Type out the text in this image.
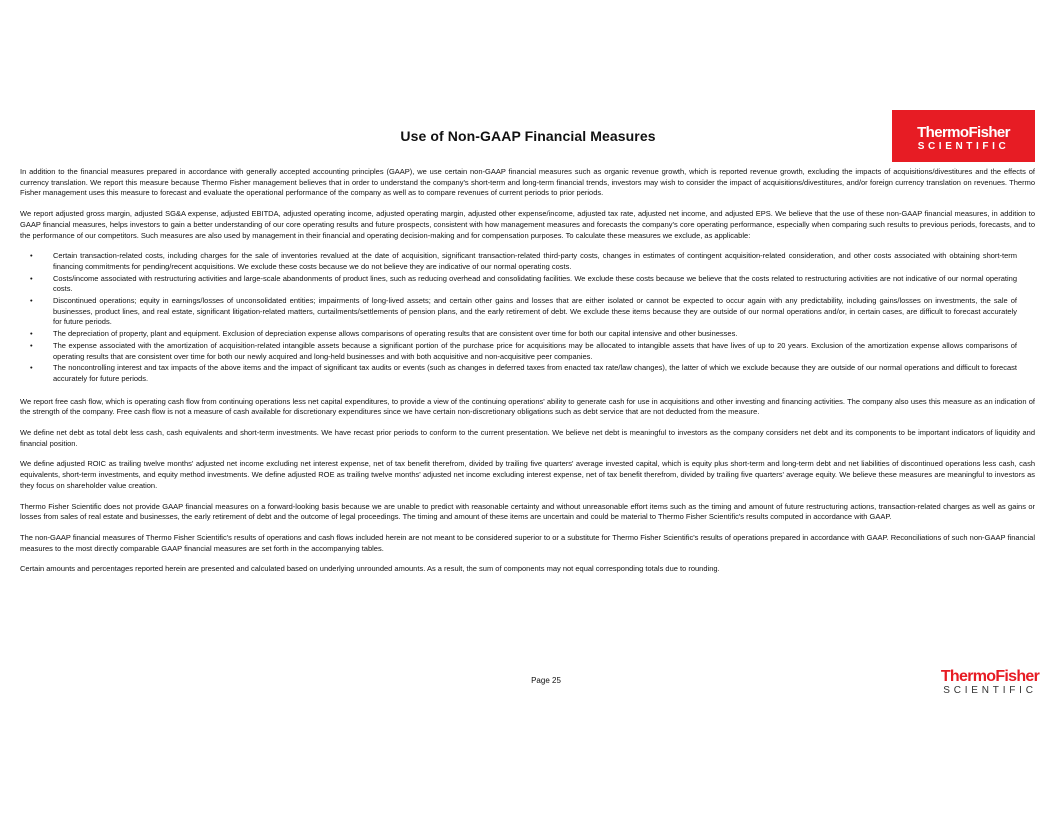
Use of Non-GAAP Financial Measures	ThermoFisher
SCIENTIFIC

In addition to the financial measures prepared in accordance with generally accepted accounting principles (GAAP), we use certain non-GAAP financial measures such as organic revenue growth, which is reported revenue growth, excluding the impacts of acquisitions/divestitures and the effects of currency translation. We report this measure because Thermo Fisher management believes that in order to understand the company's short-term and long-term financial trends, investors may wish to consider the impact of acquisitions/divestitures, and/or foreign currency translation on revenues. Thermo Fisher management uses this measure to forecast and evaluate the operational performance of the company as well as to compare revenues of current periods to prior periods.

We report adjusted gross margin, adjusted SG&A expense, adjusted EBITDA, adjusted operating income, adjusted operating margin, adjusted other expense/income, adjusted tax rate, adjusted net income, and adjusted EPS. We believe that the use of these non-GAAP financial measures, in addition to GAAP financial measures, helps investors to gain a better understanding of our core operating results and future prospects, consistent with how management measures and forecasts the company's core operating performance, especially when comparing such results to previous periods, forecasts, and to the performance of our competitors. Such measures are also used by management in their financial and operating decision-making and for compensation purposes. To calculate these measures we exclude, as applicable:

•	Certain transaction-related costs, including charges for the sale of inventories revalued at the date of acquisition, significant transaction-related third-party costs, changes in estimates of contingent acquisition-related consideration, and other costs associated with obtaining short-term financing commitments for pending/recent acquisitions. We exclude these costs because we do not believe they are indicative of our normal operating costs.
•	Costs/income associated with restructuring activities and large-scale abandonments of product lines, such as reducing overhead and consolidating facilities. We exclude these costs because we believe that the costs related to restructuring activities are not indicative of our normal operating costs.
•	Discontinued operations; equity in earnings/losses of unconsolidated entities; impairments of long-lived assets; and certain other gains and losses that are either isolated or cannot be expected to occur again with any predictability, including gains/losses on investments, the sale of businesses, product lines, and real estate, significant litigation-related matters, curtailments/settlements of pension plans, and the early retirement of debt. We exclude these items because they are outside of our normal operations and/or, in certain cases, are difficult to forecast accurately for future periods.
•	The depreciation of property, plant and equipment. Exclusion of depreciation expense allows comparisons of operating results that are consistent over time for both our capital intensive and other businesses.
•	The expense associated with the amortization of acquisition-related intangible assets because a significant portion of the purchase price for acquisitions may be allocated to intangible assets that have lives of up to 20 years. Exclusion of the amortization expense allows comparisons of operating results that are consistent over time for both our newly acquired and long-held businesses and with both acquisitive and non-acquisitive peer companies.
•	The noncontrolling interest and tax impacts of the above items and the impact of significant tax audits or events (such as changes in deferred taxes from enacted tax rate/law changes), the latter of which we exclude because they are outside of our normal operations and difficult to forecast accurately for future periods.

We report free cash flow, which is operating cash flow from continuing operations less net capital expenditures, to provide a view of the continuing operations' ability to generate cash for use in acquisitions and other investing and financing activities. The company also uses this measure as an indication of the strength of the company. Free cash flow is not a measure of cash available for discretionary expenditures since we have certain non-discretionary obligations such as debt service that are not deducted from the measure.

We define net debt as total debt less cash, cash equivalents and short-term investments. We have recast prior periods to conform to the current presentation. We believe net debt is meaningful to investors as the company considers net debt and its components to be important indicators of liquidity and financial position.

We define adjusted ROIC as trailing twelve months' adjusted net income excluding net interest expense, net of tax benefit therefrom, divided by trailing five quarters' average invested capital, which is equity plus short-term and long-term debt and net liabilities of discontinued operations less cash, cash equivalents, short-term investments, and equity method investments. We define adjusted ROE as trailing twelve months' adjusted net income excluding interest expense, net of tax benefit therefrom, divided by trailing five quarters' average equity. We believe these measures are meaningful to investors as they focus on shareholder value creation.

Thermo Fisher Scientific does not provide GAAP financial measures on a forward-looking basis because we are unable to predict with reasonable certainty and without unreasonable effort items such as the timing and amount of future restructuring actions, transaction-related charges as well as gains or losses from sales of real estate and businesses, the early retirement of debt and the outcome of legal proceedings. The timing and amount of these items are uncertain and could be material to Thermo Fisher Scientific's results computed in accordance with GAAP.

The non-GAAP financial measures of Thermo Fisher Scientific's results of operations and cash flows included herein are not meant to be considered superior to or a substitute for Thermo Fisher Scientific's results of operations prepared in accordance with GAAP. Reconciliations of such non-GAAP financial measures to the most directly comparable GAAP financial measures are set forth in the accompanying tables.

Certain amounts and percentages reported herein are presented and calculated based on underlying unrounded amounts. As a result, the sum of components may not equal corresponding totals due to rounding.

Page 25	ThermoFisher
SCIENTIFIC
